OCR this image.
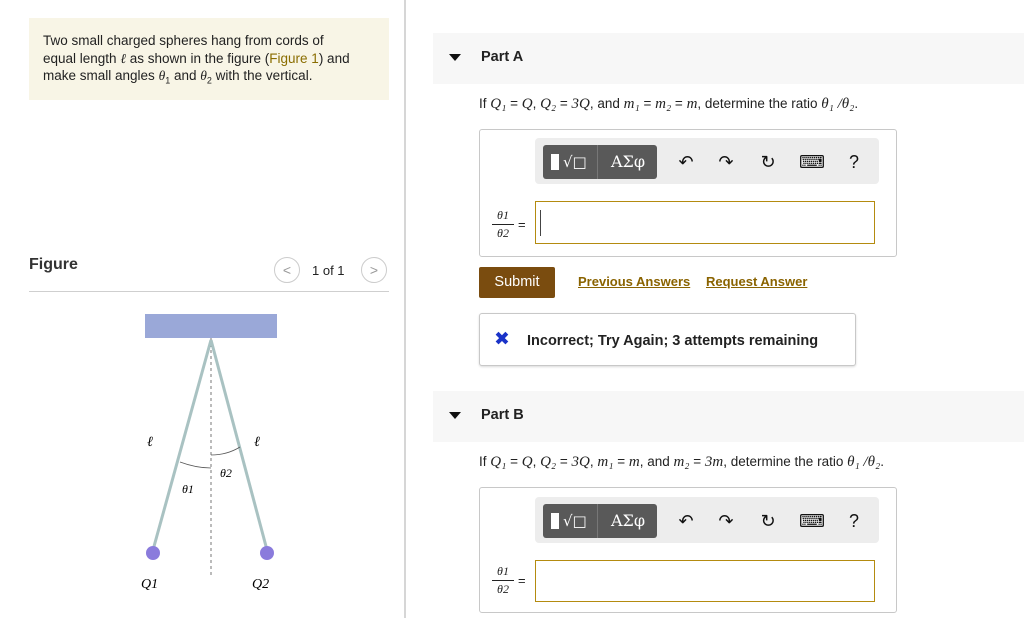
Two small charged spheres hang from cords of
equal length ℓ as shown in the figure (Figure 1) and
make small angles $\theta_1$ and $\theta_2$ with the vertical.
Figure	<	1 of 1	>
ℓ	ℓ
θ1
θ2
Q1	Q2
Part A
If Q₁ = Q, Q₂ = 3Q, and m₁ = m₂ = m, determine the ratio θ₁ /θ₂.
√□	ΑΣφ	↶ ↷ ↻ ⌨	?
$\frac{\theta 1}{\theta 2}$ =
Submit	Previous Answers Request Answer
✖ Incorrect; Try Again; 3 attempts remaining
Part B
If Q₁ = Q, Q₂ = 3Q, m₁ = m, and m₂ = 3m, determine the ratio θ₁ /θ₂.
√□	ΑΣφ	↶ ↷ ↻ ⌨	?
$\frac{\theta 1}{\theta 2}$ =
